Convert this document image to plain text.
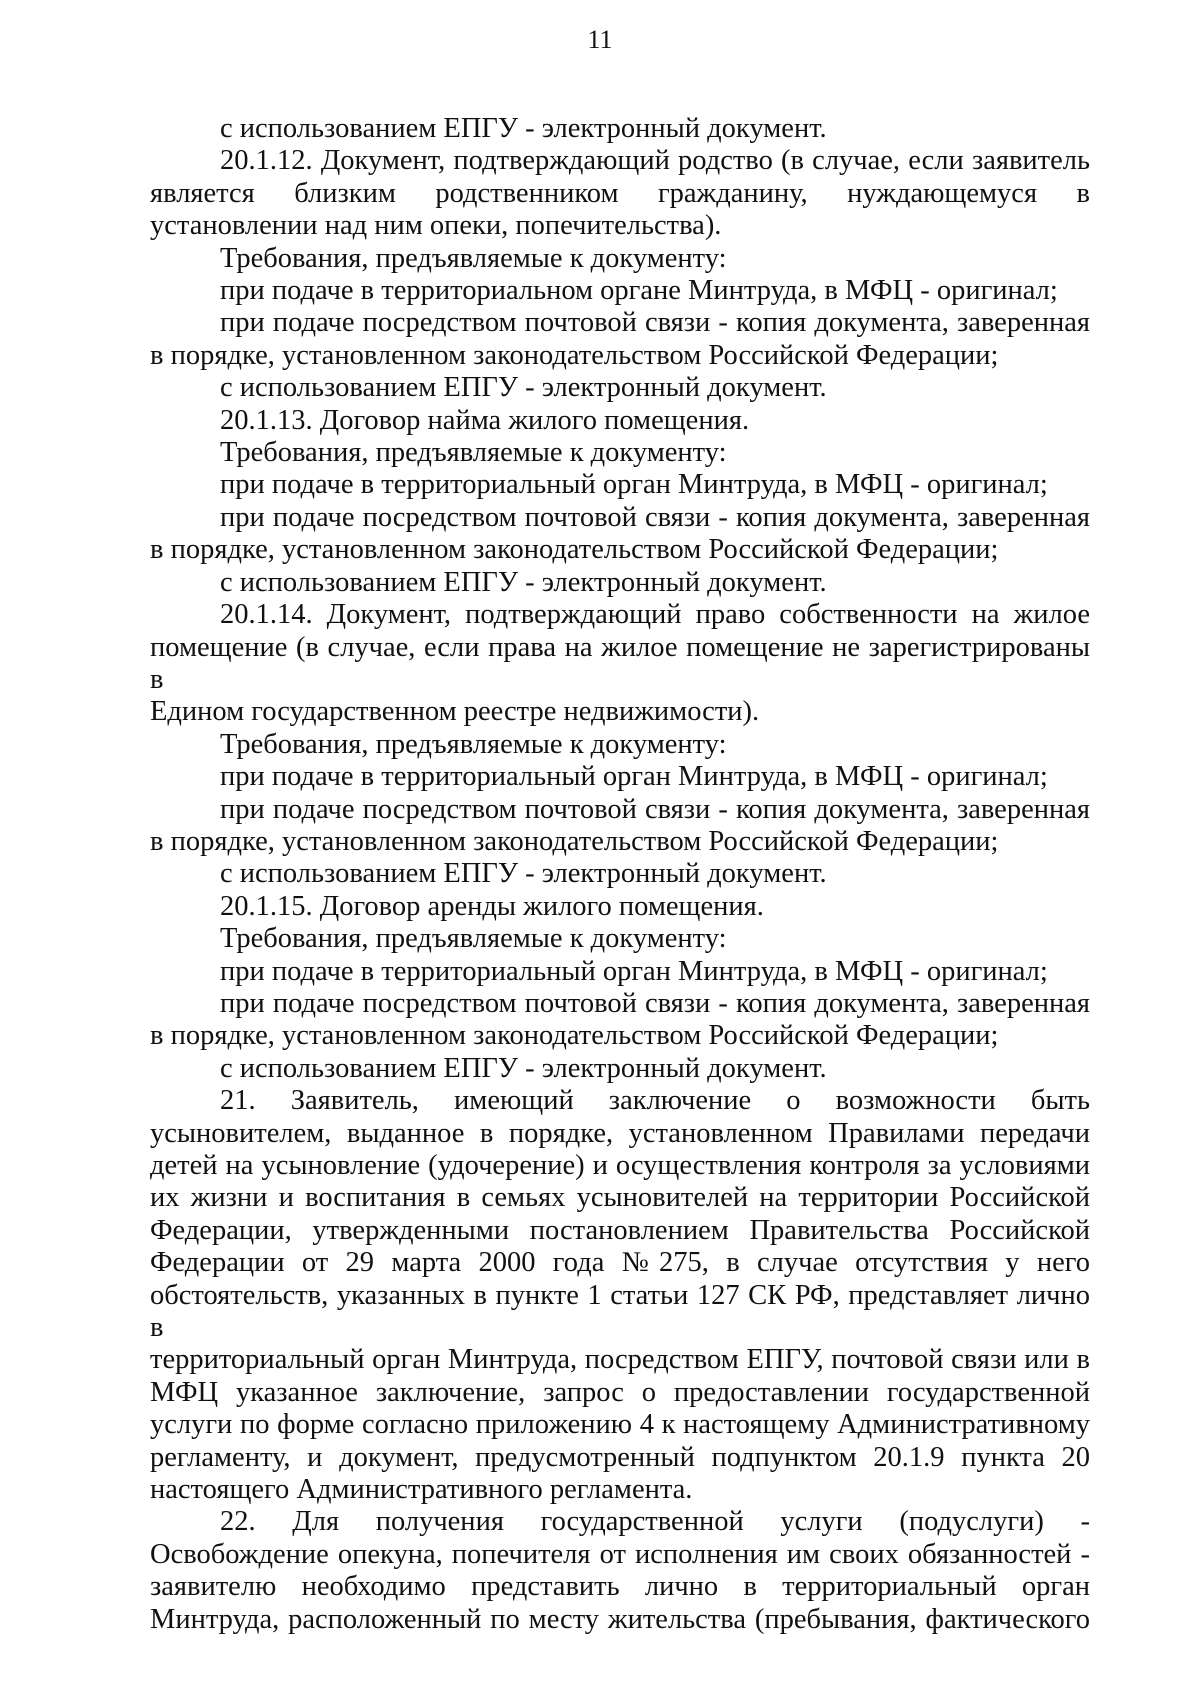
11
с использованием ЕПГУ - электронный документ.
20.1.12. Документ, подтверждающий родство (в случае, если заявитель
является близким родственником гражданину, нуждающемуся в
установлении над ним опеки, попечительства).
Требования, предъявляемые к документу:
при подаче в территориальном органе Минтруда, в МФЦ - оригинал;
при подаче посредством почтовой связи - копия документа, заверенная
в порядке, установленном законодательством Российской Федерации;
с использованием ЕПГУ - электронный документ.
20.1.13. Договор найма жилого помещения.
Требования, предъявляемые к документу:
при подаче в территориальный орган Минтруда, в МФЦ - оригинал;
при подаче посредством почтовой связи - копия документа, заверенная
в порядке, установленном законодательством Российской Федерации;
с использованием ЕПГУ - электронный документ.
20.1.14. Документ, подтверждающий право собственности на жилое
помещение (в случае, если права на жилое помещение не зарегистрированы в
Едином государственном реестре недвижимости).
Требования, предъявляемые к документу:
при подаче в территориальный орган Минтруда, в МФЦ - оригинал;
при подаче посредством почтовой связи - копия документа, заверенная
в порядке, установленном законодательством Российской Федерации;
с использованием ЕПГУ - электронный документ.
20.1.15. Договор аренды жилого помещения.
Требования, предъявляемые к документу:
при подаче в территориальный орган Минтруда, в МФЦ - оригинал;
при подаче посредством почтовой связи - копия документа, заверенная
в порядке, установленном законодательством Российской Федерации;
с использованием ЕПГУ - электронный документ.
21. Заявитель, имеющий заключение о возможности быть
усыновителем, выданное в порядке, установленном Правилами передачи
детей на усыновление (удочерение) и осуществления контроля за условиями
их жизни и воспитания в семьях усыновителей на территории Российской
Федерации, утвержденными постановлением Правительства Российской
Федерации от 29 марта 2000 года №275, в случае отсутствия у него
обстоятельств, указанных в пункте 1 статьи 127 СК РФ, представляет лично в
территориальный орган Минтруда, посредством ЕПГУ, почтовой связи или в
МФЦ указанное заключение, запрос о предоставлении государственной
услуги по форме согласно приложению 4 к настоящему Административному
регламенту, и документ, предусмотренный подпунктом 20.1.9 пункта 20
настоящего Административного регламента.
22. Для получения государственной услуги (подуслуги) -
Освобождение опекуна, попечителя от исполнения им своих обязанностей -
заявителю необходимо представить лично в территориальный орган
Минтруда, расположенный по месту жительства (пребывания, фактического
